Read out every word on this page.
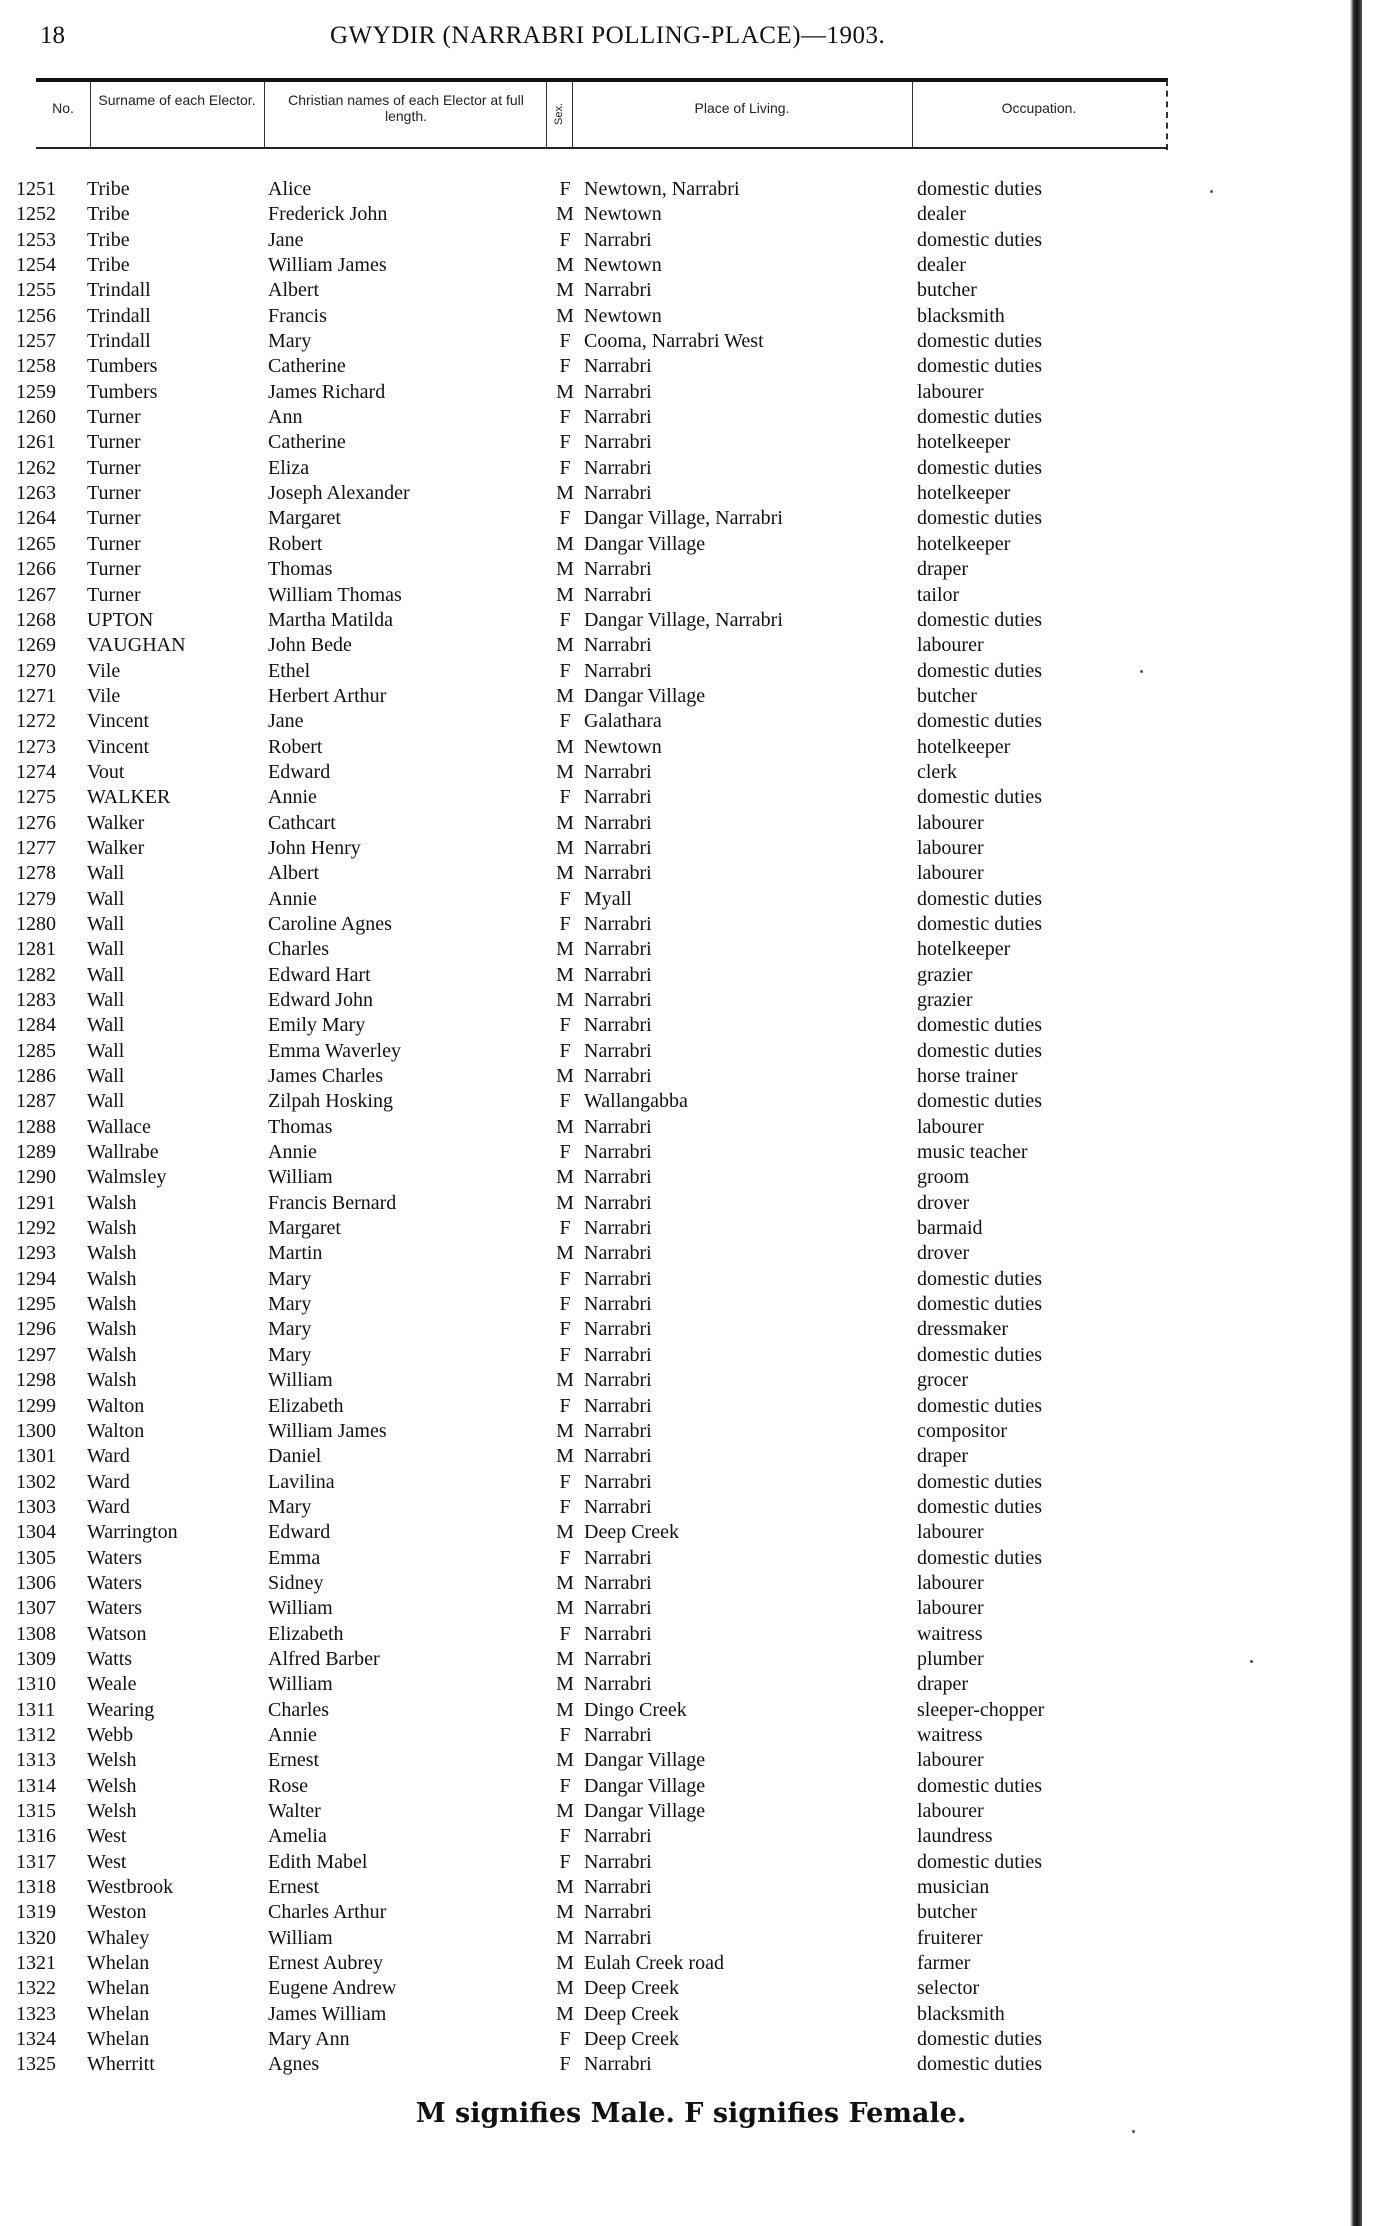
18	GWYDIR (NARRABRI POLLING-PLACE)—1903.
No.	Surname of each Elector.	Christian names of each Elector at full length.	Sex.	Place of Living.	Occupation.
1251 Tribe	Alice	F Newtown, Narrabri	domestic duties
1252 Tribe	Frederick John	M Newtown	dealer
1253 Tribe	Jane	F Narrabri	domestic duties
1254 Tribe	William James	M Newtown	dealer
1255 Trindall	Albert	M Narrabri	butcher
1256 Trindall	Francis	M Newtown	blacksmith
1257 Trindall	Mary	F Cooma, Narrabri West	domestic duties
1258 Tumbers	Catherine	F Narrabri	domestic duties
1259 Tumbers	James Richard	M Narrabri	labourer
1260 Turner	Ann	F Narrabri	domestic duties
1261 Turner	Catherine	F Narrabri	hotelkeeper
1262 Turner	Eliza	F Narrabri	domestic duties
1263 Turner	Joseph Alexander	M Narrabri	hotelkeeper
1264 Turner	Margaret	F Dangar Village, Narrabri	domestic duties
1265 Turner	Robert	M Dangar Village	hotelkeeper
1266 Turner	Thomas	M Narrabri	draper
1267 Turner	William Thomas	M Narrabri	tailor
1268 UPTON	Martha Matilda	F Dangar Village, Narrabri	domestic duties
1269 VAUGHAN	John Bede	M Narrabri	labourer
1270 Vile	Ethel	F Narrabri	domestic duties
1271 Vile	Herbert Arthur	M Dangar Village	butcher
1272 Vincent	Jane	F Galathara	domestic duties
1273 Vincent	Robert	M Newtown	hotelkeeper
1274 Vout	Edward	M Narrabri	clerk
1275 WALKER	Annie	F Narrabri	domestic duties
1276 Walker	Cathcart	M Narrabri	labourer
1277 Walker	John Henry	M Narrabri	labourer
1278 Wall	Albert	M Narrabri	labourer
1279 Wall	Annie	F Myall	domestic duties
1280 Wall	Caroline Agnes	F Narrabri	domestic duties
1281 Wall	Charles	M Narrabri	hotelkeeper
1282 Wall	Edward Hart	M Narrabri	grazier
1283 Wall	Edward John	M Narrabri	grazier
1284 Wall	Emily Mary	F Narrabri	domestic duties
1285 Wall	Emma Waverley	F Narrabri	domestic duties
1286 Wall	James Charles	M Narrabri	horse trainer
1287 Wall	Zilpah Hosking	F Wallangabba	domestic duties
1288 Wallace	Thomas	M Narrabri	labourer
1289 Wallrabe	Annie	F Narrabri	music teacher
1290 Walmsley	William	M Narrabri	groom
1291 Walsh	Francis Bernard	M Narrabri	drover
1292 Walsh	Margaret	F Narrabri	barmaid
1293 Walsh	Martin	M Narrabri	drover
1294 Walsh	Mary	F Narrabri	domestic duties
1295 Walsh	Mary	F Narrabri	domestic duties
1296 Walsh	Mary	F Narrabri	dressmaker
1297 Walsh	Mary	F Narrabri	domestic duties
1298 Walsh	William	M Narrabri	grocer
1299 Walton	Elizabeth	F Narrabri	domestic duties
1300 Walton	William James	M Narrabri	compositor
1301 Ward	Daniel	M Narrabri	draper
1302 Ward	Lavilina	F Narrabri	domestic duties
1303 Ward	Mary	F Narrabri	domestic duties
1304 Warrington	Edward	M Deep Creek	labourer
1305 Waters	Emma	F Narrabri	domestic duties
1306 Waters	Sidney	M Narrabri	labourer
1307 Waters	William	M Narrabri	labourer
1308 Watson	Elizabeth	F Narrabri	waitress
1309 Watts	Alfred Barber	M Narrabri	plumber
1310 Weale	William	M Narrabri	draper
1311 Wearing	Charles	M Dingo Creek	sleeper-chopper
1312 Webb	Annie	F Narrabri	waitress
1313 Welsh	Ernest	M Dangar Village	labourer
1314 Welsh	Rose	F Dangar Village	domestic duties
1315 Welsh	Walter	M Dangar Village	labourer
1316 West	Amelia	F Narrabri	laundress
1317 West	Edith Mabel	F Narrabri	domestic duties
1318 Westbrook	Ernest	M Narrabri	musician
1319 Weston	Charles Arthur	M Narrabri	butcher
1320 Whaley	William	M Narrabri	fruiterer
1321 Whelan	Ernest Aubrey	M Eulah Creek road	farmer
1322 Whelan	Eugene Andrew	M Deep Creek	selector
1323 Whelan	James William	M Deep Creek	blacksmith
1324 Whelan	Mary Ann	F Deep Creek	domestic duties
1325 Wherritt	Agnes	F Narrabri	domestic duties
M signifies Male. F signifies Female.
